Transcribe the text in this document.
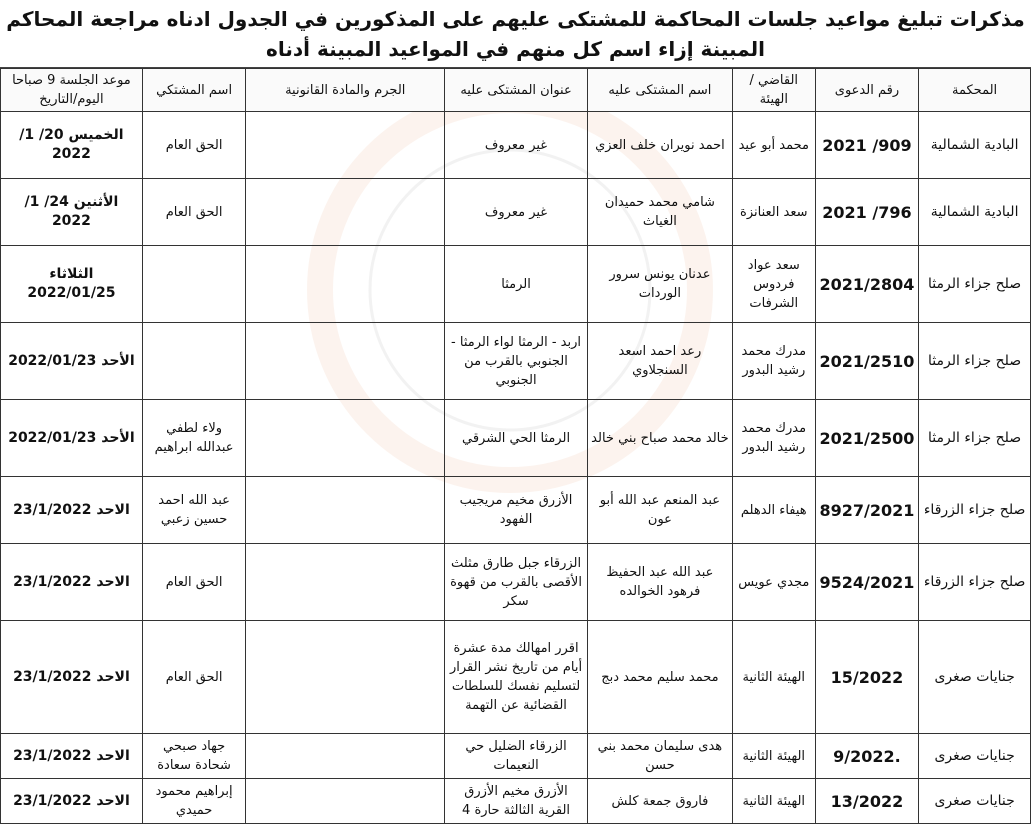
مذكرات تبليغ مواعيد جلسات المحاكمة للمشتكى عليهم على المذكورين في الجدول ادناه مراجعة المحاكم المبينة إزاء اسم كل منهم في المواعيد المبينة أدناه
المحكمة	رقم الدعوى	القاضي / الهيئة	اسم المشتكى عليه	عنوان المشتكى عليه	الجرم والمادة القانونية	اسم المشتكي	موعد الجلسة 9 صباحا اليوم/التاريخ
البادية الشمالية	909/ 2021	محمد أبو عيد	احمد نويران خلف العزي	غير معروف		الحق العام	الخميس 20/ 1/ 2022
البادية الشمالية	796/ 2021	سعد العنانزة	شامي محمد حميدان الغياث	غير معروف		الحق العام	الأثنين 24/ 1/ 2022
صلح جزاء الرمثا	2021/2804	سعد عواد فردوس الشرفات	عدنان يونس سرور الوردات	الرمثا			الثلاثاء 2022/01/25
صلح جزاء الرمثا	2021/2510	مدرك محمد رشيد البدور	رعد احمد اسعد السنجلاوي	اربد - الرمثا لواء الرمثا - الجنوبي بالقرب من الجنوبي			الأحد 2022/01/23
صلح جزاء الرمثا	2021/2500	مدرك محمد رشيد البدور	خالد محمد صباح بني خالد	الرمثا الحي الشرقي		ولاء لطفي عبدالله ابراهيم	الأحد 2022/01/23
صلح جزاء الزرقاء	8927/2021	هيفاء الدهلم	عبد المنعم عبد الله أبو عون	الأزرق مخيم مريجيب الفهود		عبد الله احمد حسين زعبي	الاحد 23/1/2022
صلح جزاء الزرقاء	9524/2021	مجدي عويس	عبد الله عبد الحفيظ فرهود الخوالده	الزرقاء جبل طارق مثلث الأقصى بالقرب من قهوة سكر		الحق العام	الاحد 23/1/2022
جنايات صغرى	15/2022	الهيئة الثانية	محمد سليم محمد دبج	اقرر امهالك مدة عشرة أيام من تاريخ نشر القرار لتسليم نفسك للسلطات القضائية عن التهمة		الحق العام	الاحد 23/1/2022
جنايات صغرى	.9/2022	الهيئة الثانية	هدى سليمان محمد بني حسن	الزرقاء الضليل حي النعيمات		جهاد صبحي شحادة سعادة	الاحد 23/1/2022
جنايات صغرى	13/2022	الهيئة الثانية	فاروق جمعة كلش	الأزرق مخيم الأزرق القرية الثالثة حارة 4		إبراهيم محمود حميدي	الاحد 23/1/2022
